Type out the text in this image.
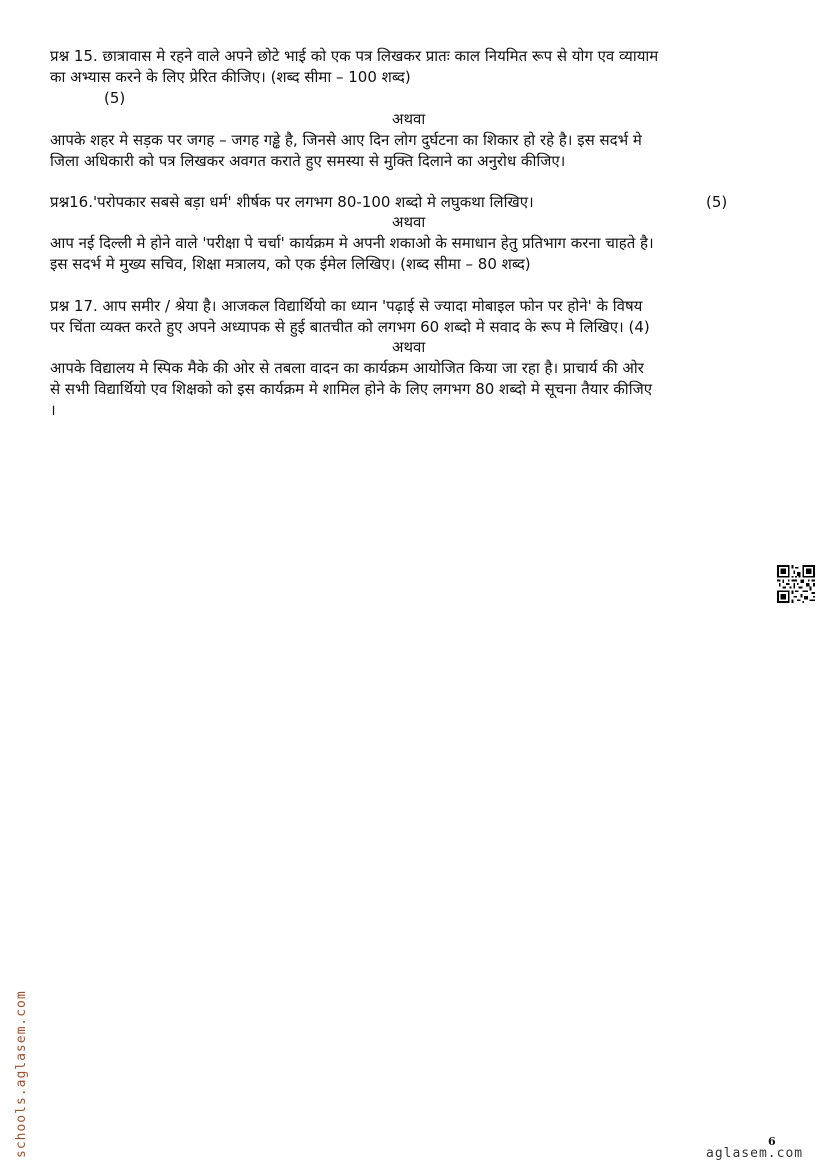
प्रश्न 15. छात्रावास मे रहने वाले अपने छोटे भाई को एक पत्र लिखकर प्रातः काल नियमित रूप से योग एव व्यायाम
का अभ्यास करने के लिए प्रेरित कीजिए। (शब्द सीमा – 100 शब्द)
(5)
अथवा
आपके शहर मे सड़क पर जगह – जगह गड्ढे है, जिनसे आए दिन लोग दुर्घटना का शिकार हो रहे है। इस सदर्भ मे
जिला अधिकारी को पत्र लिखकर अवगत कराते हुए समस्या से मुक्ति दिलाने का अनुरोध कीजिए।
प्रश्न16.'परोपकार सबसे बड़ा धर्म' शीर्षक पर लगभग 80-100 शब्दो मे लघुकथा लिखिए।	(5)
अथवा
आप नई दिल्ली मे होने वाले 'परीक्षा पे चर्चा' कार्यक्रम मे अपनी शकाओ के समाधान हेतु प्रतिभाग करना चाहते है।
इस सदर्भ मे मुख्य सचिव, शिक्षा मत्रालय, को एक ईमेल लिखिए। (शब्द सीमा – 80 शब्द)
प्रश्न 17. आप समीर / श्रेया है। आजकल विद्यार्थियो का ध्यान 'पढ़ाई से ज्यादा मोबाइल फोन पर होने' के विषय
पर चिंता व्यक्त करते हुए अपने अध्यापक से हुई बातचीत को लगभग 60 शब्दो मे सवाद के रूप मे लिखिए। (4)
अथवा
आपके विद्यालय मे स्पिक मैके की ओर से तबला वादन का कार्यक्रम आयोजित किया जा रहा है। प्राचार्य की ओर
से सभी विद्यार्थियो एव शिक्षको को इस कार्यक्रम मे शामिल होने के लिए लगभग 80 शब्दो मे सूचना तैयार कीजिए
।
schools.aglasem.com	6
aglasem.com
